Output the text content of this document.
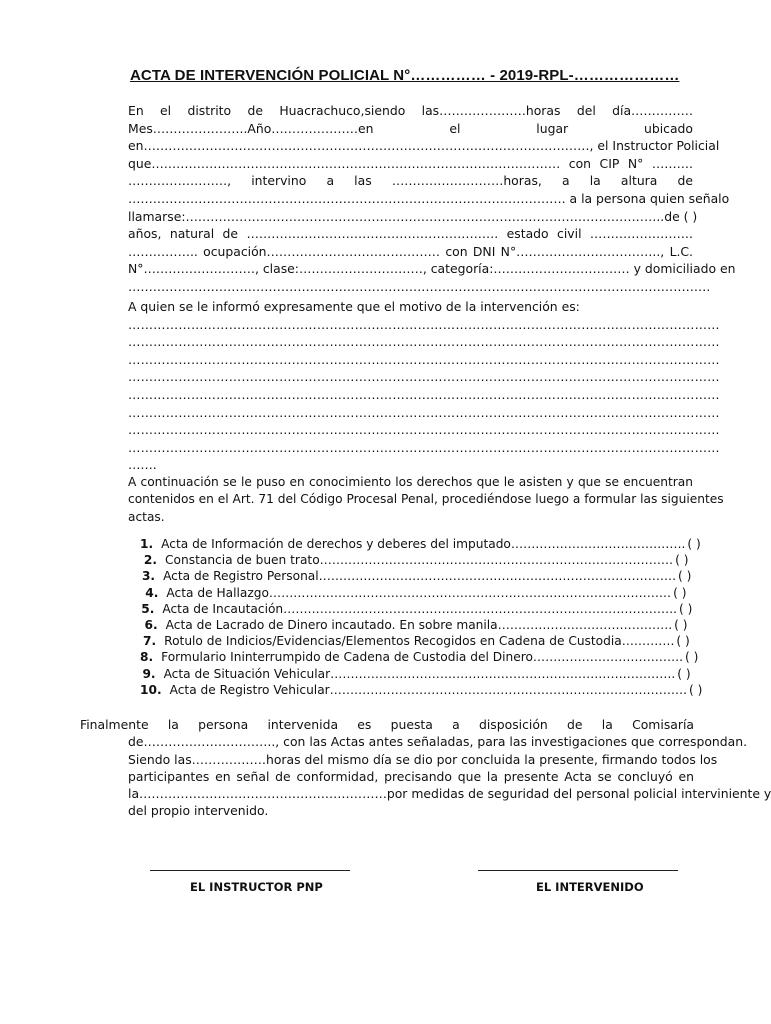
ACTA DE INTERVENCIÓN POLICIAL N°…………… - 2019-RPL-…………………
En el distrito de Huacrachuco,siendo las…………………horas del día……………
Mes…………………..Año…………………en el lugar ubicado
en………………………………………………………………………………………………, el Instructor Policial
que……………………………………………………………………………………… con CIP N° ……….
……………………, intervino a las ………………………horas, a la altura de
……………………………………………………………………………………………. a la persona quien señalo
llamarse:……………………………………………………………………………………………………..de ( )
años, natural de ……………………………………………………. estado civil …………………….
…………….. ocupación…………………………………… con DNI N°…………………………….., L.C.
N°………………………, clase:…………………………, categoría:…………………………… y domiciliado en
……………………………………………………………………………………………………………………………
A quien se le informó expresamente que el motivo de la intervención es:
……………………………………………………………………………………………………………………………
……………………………………………………………………………………………………………………………
……………………………………………………………………………………………………………………………
……………………………………………………………………………………………………………………………
……………………………………………………………………………………………………………………………
……………………………………………………………………………………………………………………………
……………………………………………………………………………………………………………………………
……………………………………………………………………………………………………………………………
…….
A continuación se le puso en conocimiento los derechos que le asisten y que se encuentran
contenidos en el Art. 71 del Código Procesal Penal, procediéndose luego a formular las siguientes
actas.
1. Acta de Información de derechos y deberes del imputado……………………………………. ( )
2. Constancia de buen trato…………………………………………………………………………… ( )
3. Acta de Registro Personal……………………………………………………………………………. ( )
4. Acta de Hallazgo……………………………………………………………………………………… ( )
5. Acta de Incautación……………………………………………………………………………………. ( )
6. Acta de Lacrado de Dinero incautado. En sobre manila……………………………………. ( )
7. Rotulo de Indicios/Evidencias/Elementos Recogidos en Cadena de Custodia…………. ( )
8. Formulario Ininterrumpido de Cadena de Custodia del Dinero………………………………. ( )
9. Acta de Situación Vehicular…………………………………………………………………………. ( )
10. Acta de Registro Vehicular……………………………………………………………………………. ( )
Finalmente la persona intervenida es puesta a disposición de la Comisaría
de………………………….., con las Actas antes señaladas, para las investigaciones que correspondan.
Siendo las………………horas del mismo día se dio por concluida la presente, firmando todos los
participantes en señal de conformidad, precisando que la presente Acta se concluyó en
la……………………………………………………por medidas de seguridad del personal policial interviniente y
del propio intervenido.
EL INSTRUCTOR PNP	EL INTERVENIDO
